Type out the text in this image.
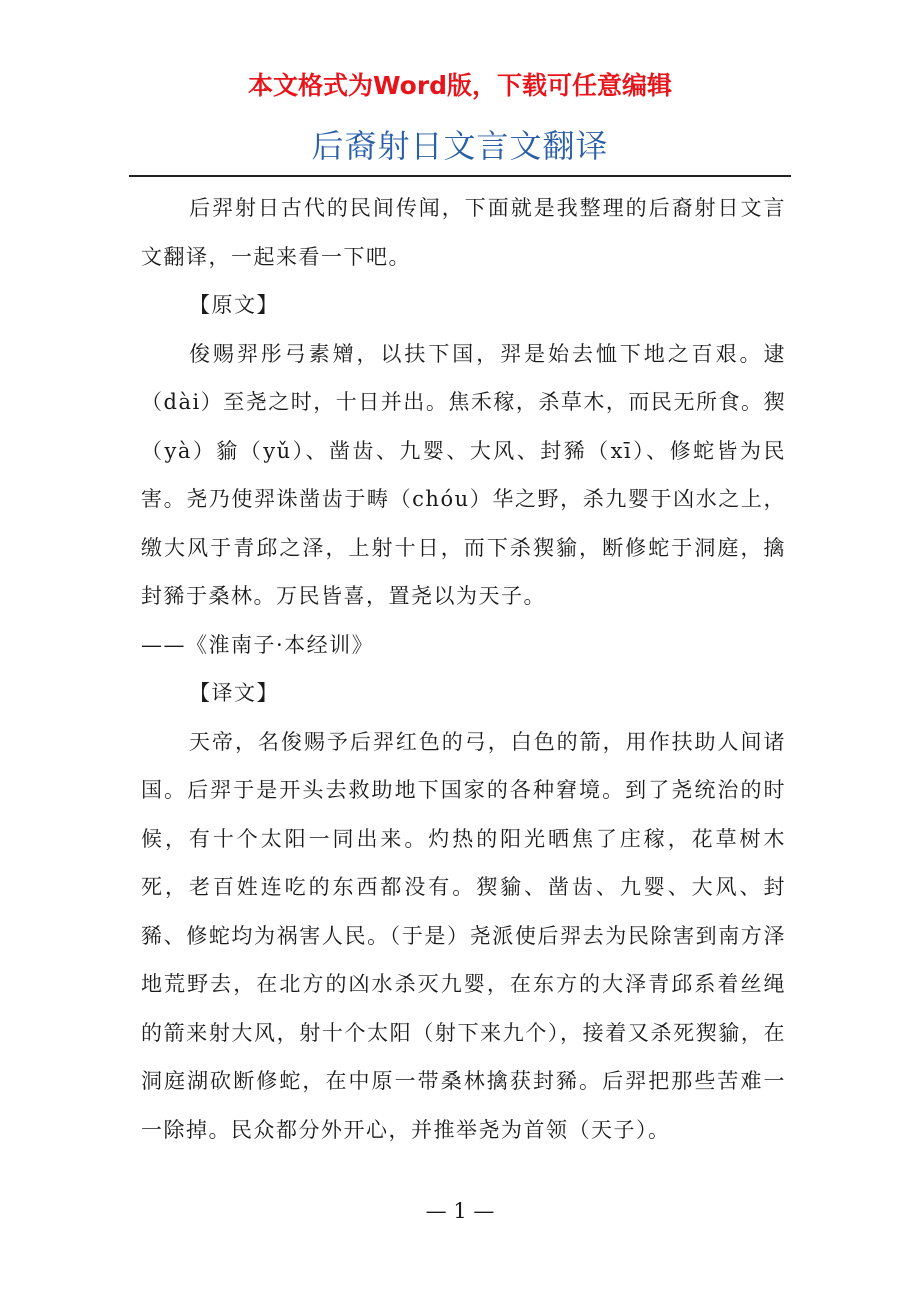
本文格式为Word版，下载可任意编辑
后裔射日文言文翻译

后羿射日古代的民间传闻，下面就是我整理的后裔射日文言文翻译，一起来看一下吧。

【原文】

俊赐羿彤弓素矰，以扶下国，羿是始去恤下地之百艰。逮（dài）至尧之时，十日并出。焦禾稼，杀草木，而民无所食。猰（yà）貐（yǔ）、凿齿、九婴、大风、封豨（xī）、修蛇皆为民害。尧乃使羿诛凿齿于畴（chóu）华之野，杀九婴于凶水之上，缴大风于青邱之泽，上射十日，而下杀猰貐，断修蛇于洞庭，擒封豨于桑林。万民皆喜，置尧以为天子。

——《淮南子·本经训》

【译文】

天帝，名俊赐予后羿红色的弓，白色的箭，用作扶助人间诸国。后羿于是开头去救助地下国家的各种窘境。到了尧统治的时候，有十个太阳一同出来。灼热的阳光晒焦了庄稼，花草树木死，老百姓连吃的东西都没有。猰貐、凿齿、九婴、大风、封豨、修蛇均为祸害人民。（于是）尧派使后羿去为民除害到南方泽地荒野去，在北方的凶水杀灭九婴，在东方的大泽青邱系着丝绳的箭来射大风，射十个太阳（射下来九个），接着又杀死猰貐，在洞庭湖砍断修蛇，在中原一带桑林擒获封豨。后羿把那些苦难一一除掉。民众都分外开心，并推举尧为首领（天子）。

— 1 —
